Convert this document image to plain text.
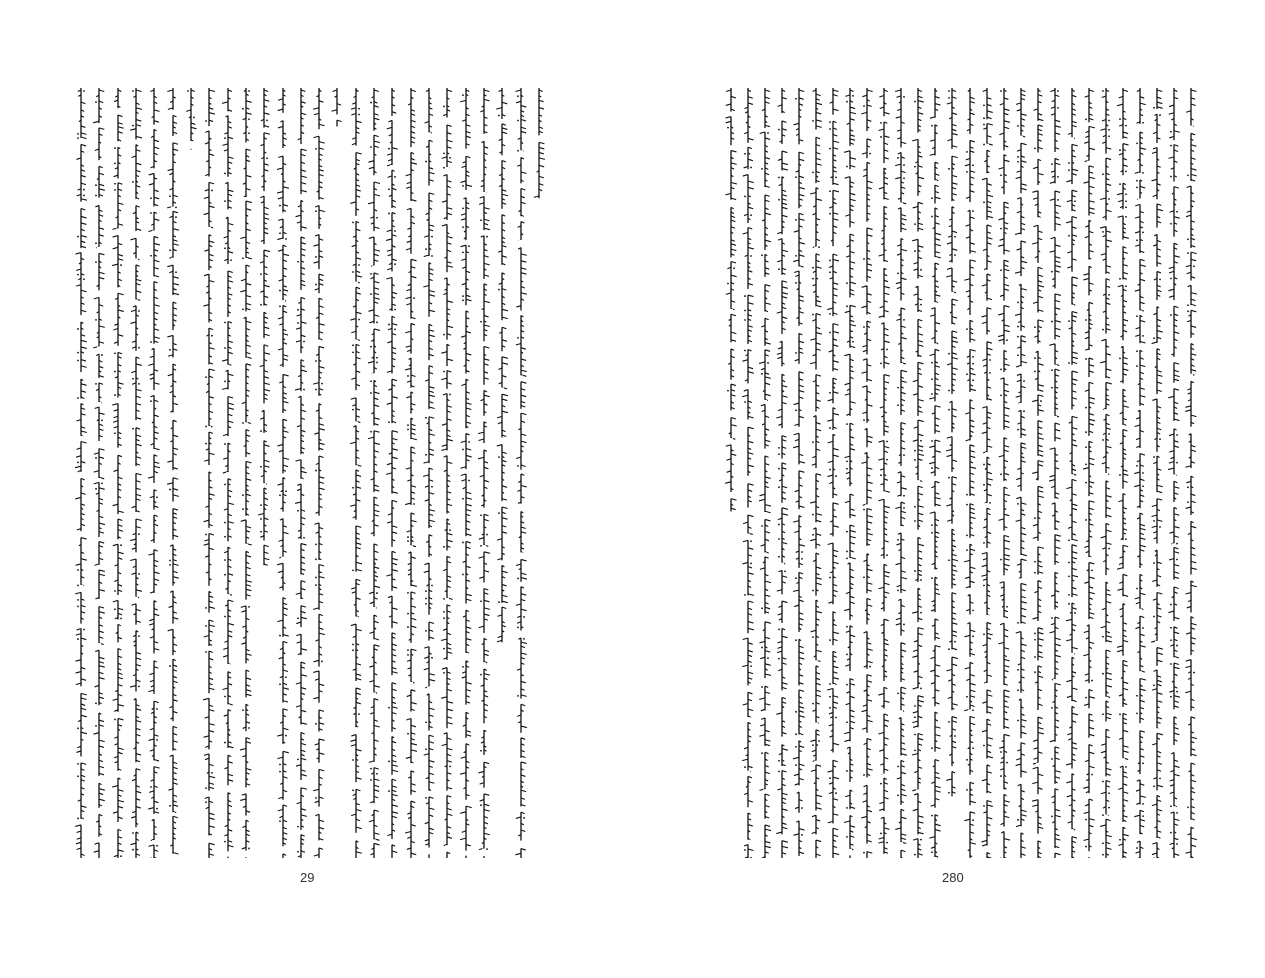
29	280
